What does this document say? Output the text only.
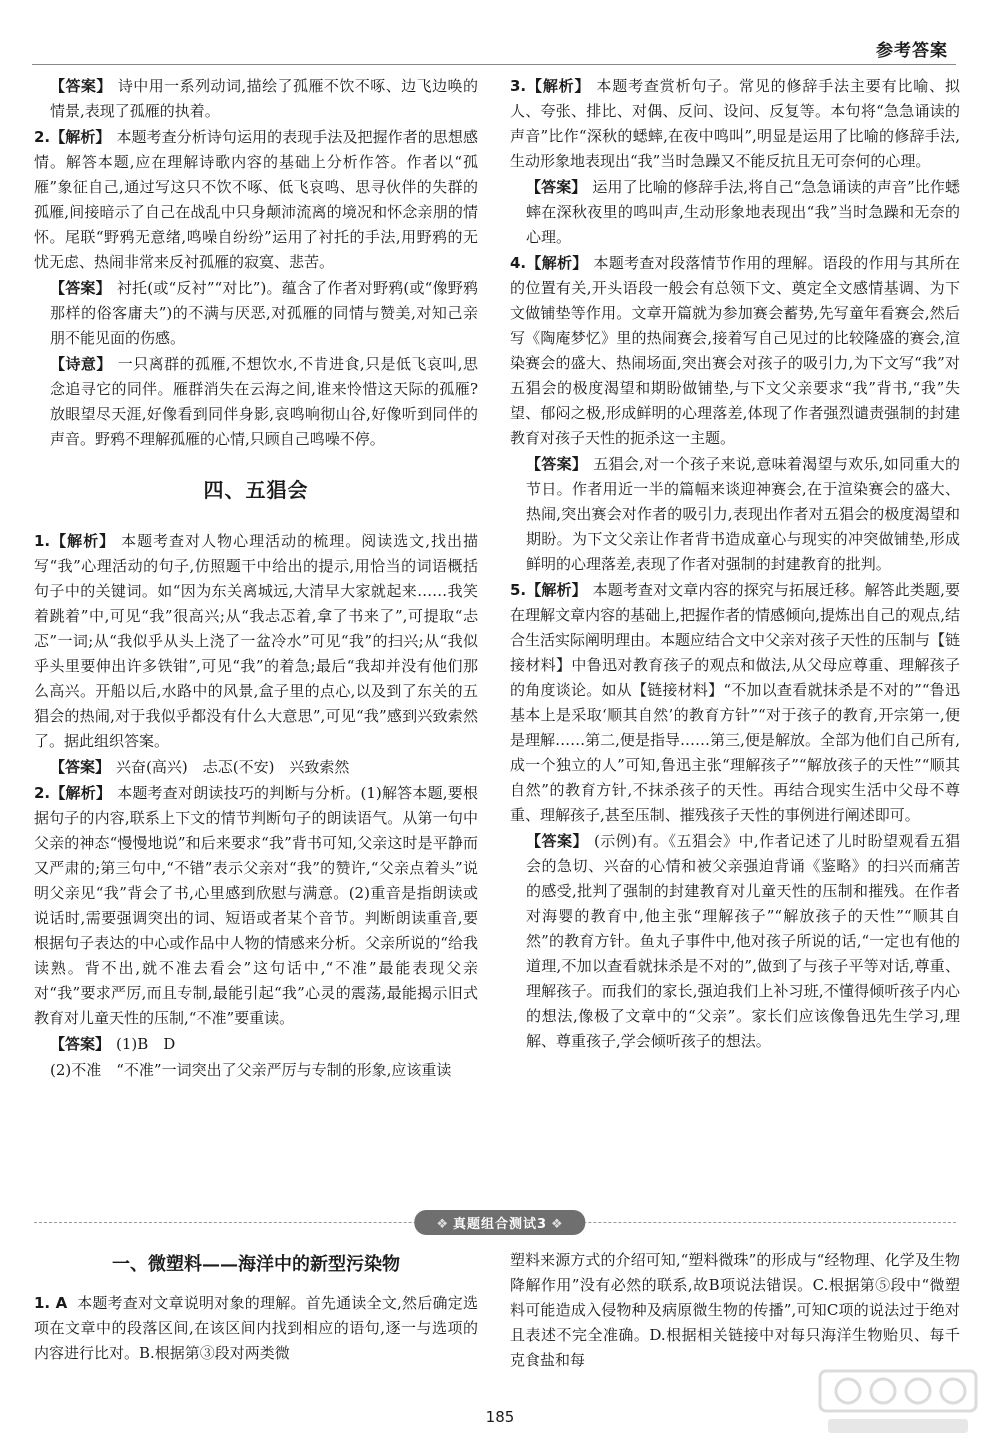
参考答案

【答案】 诗中用一系列动词,描绘了孤雁不饮不啄、边飞边唤的情景,表现了孤雁的执着。

2.【解析】 本题考查分析诗句运用的表现手法及把握作者的思想感情。解答本题,应在理解诗歌内容的基础上分析作答。作者以“孤雁”象征自己,通过写这只不饮不啄、低飞哀鸣、思寻伙伴的失群的孤雁,间接暗示了自己在战乱中只身颠沛流离的境况和怀念亲朋的情怀。尾联“野鸦无意绪,鸣噪自纷纷”运用了衬托的手法,用野鸦的无忧无虑、热闹非常来反衬孤雁的寂寞、悲苦。

【答案】 衬托(或“反衬”“对比”)。蕴含了作者对野鸦(或“像野鸦那样的俗客庸夫”)的不满与厌恶,对孤雁的同情与赞美,对知己亲朋不能见面的伤感。

【诗意】 一只离群的孤雁,不想饮水,不肯进食,只是低飞哀叫,思念追寻它的同伴。雁群消失在云海之间,谁来怜惜这天际的孤雁?放眼望尽天涯,好像看到同伴身影,哀鸣响彻山谷,好像听到同伴的声音。野鸦不理解孤雁的心情,只顾自己鸣噪不停。

四、五猖会

1.【解析】 本题考查对人物心理活动的梳理。阅读选文,找出描写“我”心理活动的句子,仿照题干中给出的提示,用恰当的词语概括句子中的关键词。如“因为东关离城远,大清早大家就起来……我笑着跳着”中,可见“我”很高兴;从“我忐忑着,拿了书来了”,可提取“忐忑”一词;从“我似乎从头上浇了一盆冷水”可见“我”的扫兴;从“我似乎头里要伸出许多铁钳”,可见“我”的着急;最后“我却并没有他们那么高兴。开船以后,水路中的风景,盒子里的点心,以及到了东关的五猖会的热闹,对于我似乎都没有什么大意思”,可见“我”感到兴致索然了。据此组织答案。

【答案】 兴奋(高兴)　忐忑(不安)　兴致索然

2.【解析】 本题考查对朗读技巧的判断与分析。(1)解答本题,要根据句子的内容,联系上下文的情节判断句子的朗读语气。从第一句中父亲的神态“慢慢地说”和后来要求“我”背书可知,父亲这时是平静而又严肃的;第三句中,“不错”表示父亲对“我”的赞许,“父亲点着头”说明父亲见“我”背会了书,心里感到欣慰与满意。(2)重音是指朗读或说话时,需要强调突出的词、短语或者某个音节。判断朗读重音,要根据句子表达的中心或作品中人物的情感来分析。父亲所说的“给我读熟。背不出,就不准去看会”这句话中,“不准”最能表现父亲对“我”要求严厉,而且专制,最能引起“我”心灵的震荡,最能揭示旧式教育对儿童天性的压制,“不准”要重读。

【答案】 (1)B　D

(2)不准　“不准”一词突出了父亲严厉与专制的形象,应该重读

3.【解析】 本题考查赏析句子。常见的修辞手法主要有比喻、拟人、夸张、排比、对偶、反问、设问、反复等。本句将“急急诵读的声音”比作“深秋的蟋蟀,在夜中鸣叫”,明显是运用了比喻的修辞手法,生动形象地表现出“我”当时急躁又不能反抗且无可奈何的心理。

【答案】 运用了比喻的修辞手法,将自己“急急诵读的声音”比作蟋蟀在深秋夜里的鸣叫声,生动形象地表现出“我”当时急躁和无奈的心理。

4.【解析】 本题考查对段落情节作用的理解。语段的作用与其所在的位置有关,开头语段一般会有总领下文、奠定全文感情基调、为下文做铺垫等作用。文章开篇就为参加赛会蓄势,先写童年看赛会,然后写《陶庵梦忆》里的热闹赛会,接着写自己见过的比较隆盛的赛会,渲染赛会的盛大、热闹场面,突出赛会对孩子的吸引力,为下文写“我”对五猖会的极度渴望和期盼做铺垫,与下文父亲要求“我”背书,“我”失望、郁闷之极,形成鲜明的心理落差,体现了作者强烈谴责强制的封建教育对孩子天性的扼杀这一主题。

【答案】 五猖会,对一个孩子来说,意味着渴望与欢乐,如同重大的节日。作者用近一半的篇幅来谈迎神赛会,在于渲染赛会的盛大、热闹,突出赛会对作者的吸引力,表现出作者对五猖会的极度渴望和期盼。为下文父亲让作者背书造成童心与现实的冲突做铺垫,形成鲜明的心理落差,表现了作者对强制的封建教育的批判。

5.【解析】 本题考查对文章内容的探究与拓展迁移。解答此类题,要在理解文章内容的基础上,把握作者的情感倾向,提炼出自己的观点,结合生活实际阐明理由。本题应结合文中父亲对孩子天性的压制与【链接材料】中鲁迅对教育孩子的观点和做法,从父母应尊重、理解孩子的角度谈论。如从【链接材料】“不加以查看就抹杀是不对的”“鲁迅基本上是采取‘顺其自然’的教育方针”“对于孩子的教育,开宗第一,便是理解……第二,便是指导……第三,便是解放。全部为他们自己所有,成一个独立的人”可知,鲁迅主张“理解孩子”“解放孩子的天性”“顺其自然”的教育方针,不抹杀孩子的天性。再结合现实生活中父母不尊重、理解孩子,甚至压制、摧残孩子天性的事例进行阐述即可。

【答案】 (示例)有。《五猖会》中,作者记述了儿时盼望观看五猖会的急切、兴奋的心情和被父亲强迫背诵《鉴略》的扫兴而痛苦的感受,批判了强制的封建教育对儿童天性的压制和摧残。在作者对海婴的教育中,他主张“理解孩子”“解放孩子的天性”“顺其自然”的教育方针。鱼丸子事件中,他对孩子所说的话,“一定也有他的道理,不加以查看就抹杀是不对的”,做到了与孩子平等对话,尊重、理解孩子。而我们的家长,强迫我们上补习班,不懂得倾听孩子内心的想法,像极了文章中的“父亲”。家长们应该像鲁迅先生学习,理解、尊重孩子,学会倾听孩子的想法。

❖ 真题组合测试3 ❖
一、微塑料——海洋中的新型污染物

1. A 本题考查对文章说明对象的理解。首先通读全文,然后确定选项在文章中的段落区间,在该区间内找到相应的语句,逐一与选项的内容进行比对。B.根据第③段对两类微

塑料来源方式的介绍可知,“塑料微珠”的形成与“经物理、化学及生物降解作用”没有必然的联系,故B项说法错误。C.根据第⑤段中“微塑料可能造成入侵物种及病原微生物的传播”,可知C项的说法过于绝对且表述不完全准确。D.根据相关链接中对每只海洋生物贻贝、每千克食盐和每

185
